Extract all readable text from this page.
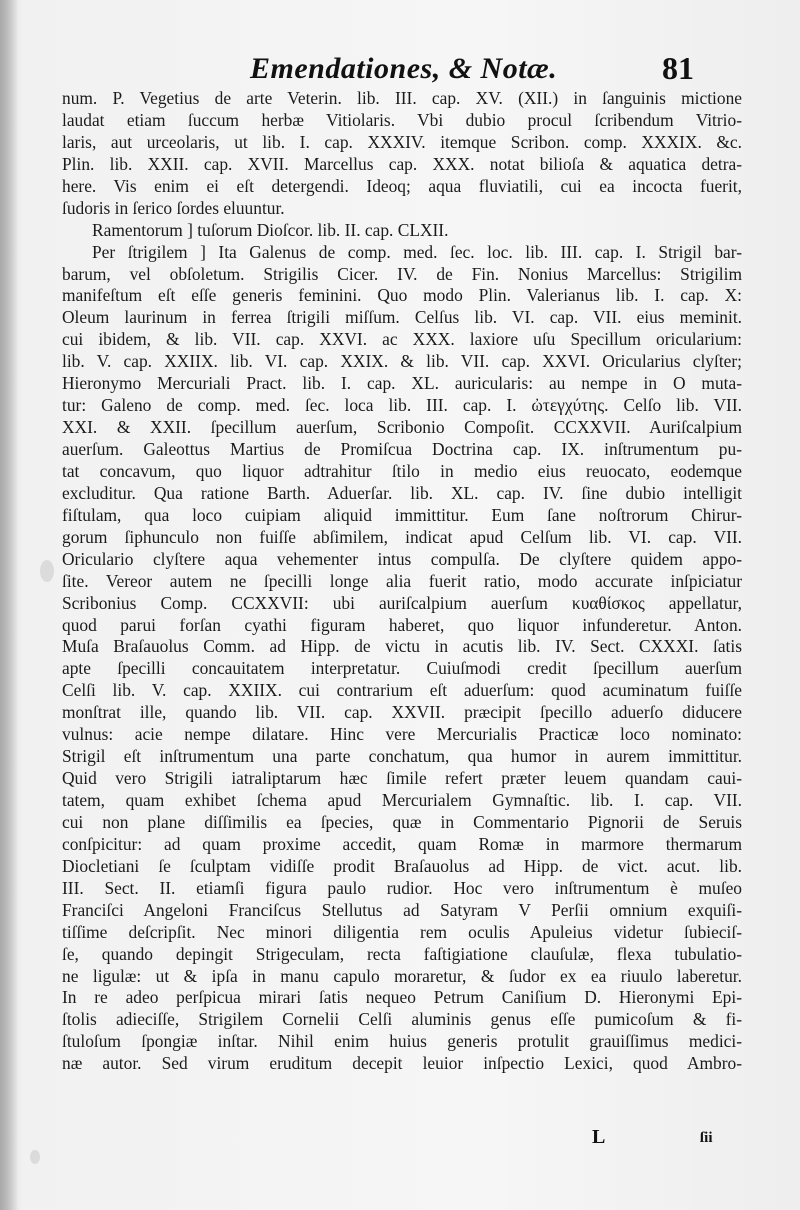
Emendationes, & Notæ.	81
num. P. Vegetius de arte Veterin. lib. III. cap. XV. (XII.) in ſanguinis mictione
laudat etiam ſuccum herbæ Vitiolaris. Vbi dubio procul ſcribendum Vitrio-
laris, aut urceolaris, ut lib. I. cap. XXXIV. itemque Scribon. comp. XXXIX. &c.
Plin. lib. XXII. cap. XVII. Marcellus cap. XXX. notat bilioſa & aquatica detra-
here. Vis enim ei eſt detergendi. Ideoq; aqua fluviatili, cui ea incocta fuerit,
ſudoris in ſerico ſordes eluuntur.
Ramentorum ] tuſorum Dioſcor. lib. II. cap. CLXII.
Per ſtrigilem ] Ita Galenus de comp. med. ſec. loc. lib. III. cap. I. Strigil bar-
barum, vel obſoletum. Strigilis Cicer. IV. de Fin. Nonius Marcellus: Strigilim
manifeſtum eſt eſſe generis feminini. Quo modo Plin. Valerianus lib. I. cap. X:
Oleum laurinum in ferrea ſtrigili miſſum. Celſus lib. VI. cap. VII. eius meminit.
cui ibidem, & lib. VII. cap. XXVI. ac XXX. laxiore uſu Specillum oricularium:
lib. V. cap. XXIIX. lib. VI. cap. XXIX. & lib. VII. cap. XXVI. Oricularius clyſter;
Hieronymo Mercuriali Pract. lib. I. cap. XL. auricularis: au nempe in O muta-
tur: Galeno de comp. med. ſec. loca lib. III. cap. I. ὠτεγχύτης. Celſo lib. VII.
XXI. & XXII. ſpecillum auerſum, Scribonio Compoſit. CCXXVII. Auriſcalpium
auerſum. Galeottus Martius de Promiſcua Doctrina cap. IX. inſtrumentum pu-
tat concavum, quo liquor adtrahitur ſtilo in medio eius reuocato, eodemque
excluditur. Qua ratione Barth. Aduerſar. lib. XL. cap. IV. ſine dubio intelligit
fiſtulam, qua loco cuipiam aliquid immittitur. Eum ſane noſtrorum Chirur-
gorum ſiphunculo non fuiſſe abſimilem, indicat apud Celſum lib. VI. cap. VII.
Oriculario clyſtere aqua vehementer intus compulſa. De clyſtere quidem appo-
ſite. Vereor autem ne ſpecilli longe alia fuerit ratio, modo accurate inſpiciatur
Scribonius Comp. CCXXVII: ubi auriſcalpium auerſum κυαθίσκος appellatur,
quod parui forſan cyathi figuram haberet, quo liquor infunderetur. Anton.
Muſa Braſauolus Comm. ad Hipp. de victu in acutis lib. IV. Sect. CXXXI. ſatis
apte ſpecilli concauitatem interpretatur. Cuiuſmodi credit ſpecillum auerſum
Celſi lib. V. cap. XXIIX. cui contrarium eſt aduerſum: quod acuminatum fuiſſe
monſtrat ille, quando lib. VII. cap. XXVII. præcipit ſpecillo aduerſo diducere
vulnus: acie nempe dilatare. Hinc vere Mercurialis Practicæ loco nominato:
Strigil eſt inſtrumentum una parte conchatum, qua humor in aurem immittitur.
Quid vero Strigili iatraliptarum hæc ſimile refert præter leuem quandam caui-
tatem, quam exhibet ſchema apud Mercurialem Gymnaſtic. lib. I. cap. VII.
cui non plane diſſimilis ea ſpecies, quæ in Commentario Pignorii de Seruis
conſpicitur: ad quam proxime accedit, quam Romæ in marmore thermarum
Diocletiani ſe ſculptam vidiſſe prodit Braſauolus ad Hipp. de vict. acut. lib.
III. Sect. II. etiamſi figura paulo rudior. Hoc vero inſtrumentum è muſeo
Franciſci Angeloni Franciſcus Stellutus ad Satyram V Perſii omnium exquiſi-
tiſſime deſcripſit. Nec minori diligentia rem oculis Apuleius videtur ſubieciſ-
ſe, quando depingit Strigeculam, recta faſtigiatione clauſulæ, flexa tubulatio-
ne ligulæ: ut & ipſa in manu capulo moraretur, & ſudor ex ea riuulo laberetur.
In re adeo perſpicua mirari ſatis nequeo Petrum Caniſium D. Hieronymi Epi-
ſtolis adieciſſe, Strigilem Cornelii Celſi aluminis genus eſſe pumicoſum & fi-
ſtuloſum ſpongiæ inſtar. Nihil enim huius generis protulit grauiſſimus medici-
næ autor. Sed virum eruditum decepit leuior inſpectio Lexici, quod Ambro-
L	ſii
